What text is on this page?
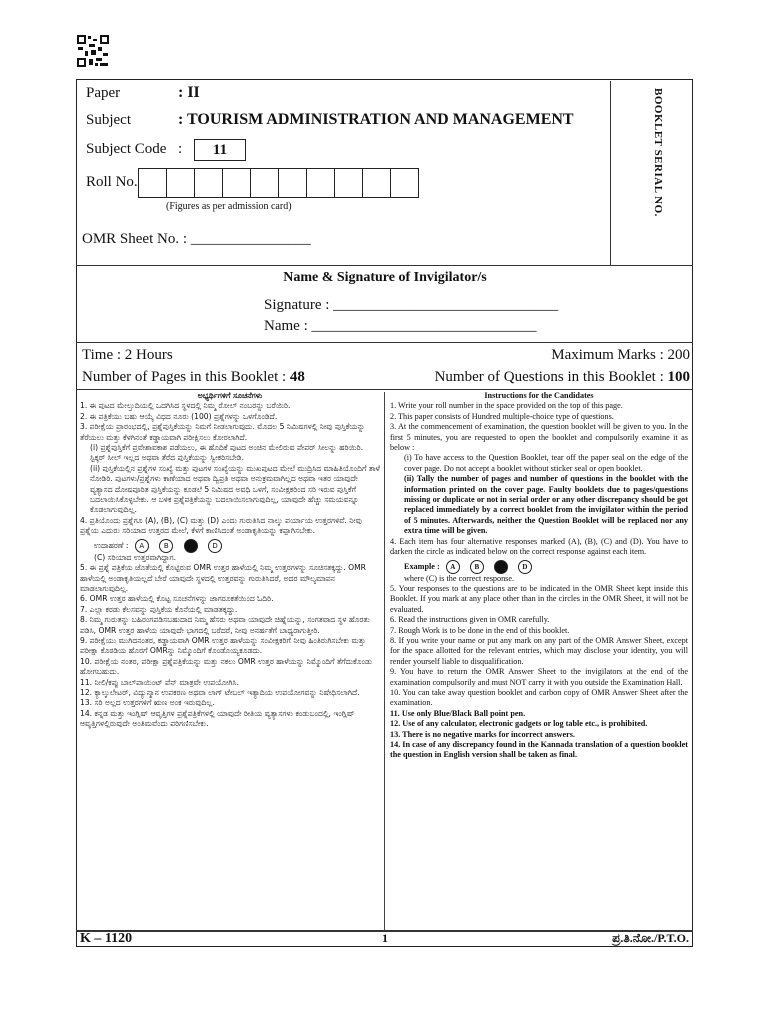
Paper	: II
Subject	: TOURISM ADMINISTRATION AND MANAGEMENT
Subject Code :	11
Roll No.
(Figures as per admission card)
OMR Sheet No. : ________________
BOOKLET SERIAL NO.
Name & Signature of Invigilator/s
Signature : ______________________________
Name : ______________________________
Time : 2 Hours	Maximum Marks : 200
Number of Pages in this Booklet : 48	Number of Questions in this Booklet : 100
ಅಭ್ಯರ್ಥಿಗಳಿಗೆ ಸೂಚನೆಗಳು
1. ಈ ಪುಟದ ಮೇಲ್ತುದಿಯಲ್ಲಿ ಒದಗಿಸಿದ ಸ್ಥಳದಲ್ಲಿ ನಿಮ್ಮ ರೋಲ್ ನಂಬರನ್ನು ಬರೆಯಿರಿ.
2. ಈ ಪತ್ರಿಕೆಯು ಬಹು ಆಯ್ಕೆ ವಿಧದ ನೂರು (100) ಪ್ರಶ್ನೆಗಳನ್ನು ಒಳಗೊಂಡಿದೆ.
3. ಪರೀಕ್ಷೆಯ ಪ್ರಾರಂಭದಲ್ಲಿ, ಪ್ರಶ್ನೆಪುಸ್ತಿಕೆಯನ್ನು ನಿಮಗೆ ನೀಡಲಾಗುವುದು. ಮೊದಲ 5 ನಿಮಿಷಗಳಲ್ಲಿ ನೀವು ಪುಸ್ತಿಕೆಯನ್ನು ತೆರೆಯಲು ಮತ್ತು ಕೆಳಗಿನಂತೆ ಕಡ್ಡಾಯವಾಗಿ ಪರೀಕ್ಷಿಸಲು ಕೋರಲಾಗಿದೆ.
(i) ಪ್ರಶ್ನೆಪುಸ್ತಿಕೆಗೆ ಪ್ರವೇಶಾವಕಾಶ ಪಡೆಯಲು, ಈ ಹೊದಿಕೆ ಪುಟದ ಅಂಚಿನ ಮೇಲಿರುವ ಪೇಪರ್ ಸೀಲನ್ನು ಹರಿಯಿರಿ. ಸ್ಟಿಕ್ಕರ್ ಸೀಲ್ ಇಲ್ಲದ ಅಥವಾ ತೆರೆದ ಪುಸ್ತಿಕೆಯನ್ನು ಸ್ವೀಕರಿಸಬೇಡಿ.
(ii) ಪುಸ್ತಿಕೆಯಲ್ಲಿನ ಪ್ರಶ್ನೆಗಳ ಸಂಖ್ಯೆ ಮತ್ತು ಪುಟಗಳ ಸಂಖ್ಯೆಯನ್ನು ಮುಖಪುಟದ ಮೇಲೆ ಮುದ್ರಿಸಿದ ಮಾಹಿತಿಯೊಂದಿಗೆ ತಾಳೆ ನೋಡಿರಿ. ಪುಟಗಳು/ಪ್ರಶ್ನೆಗಳು ಕಾಣೆಯಾದ ಅಥವಾ ದ್ವಿಪ್ರತಿ ಅಥವಾ ಅನುಕ್ರಮವಾಗಿಲ್ಲದ ಅಥವಾ ಇತರ ಯಾವುದೇ ವ್ಯತ್ಯಾಸದ ದೋಷಪೂರಿತ ಪುಸ್ತಿಕೆಯನ್ನು ಕೂಡಲೆ 5 ನಿಮಿಷದ ಅವಧಿ ಒಳಗೆ, ಸಂವೀಕ್ಷಕರಿಂದ ಸರಿ ಇರುವ ಪುಸ್ತಿಕೆಗೆ ಬದಲಾಯಿಸಿಕೊಳ್ಳಬೇಕು. ಆ ಬಳಿಕ ಪ್ರಶ್ನೆಪತ್ರಿಕೆಯನ್ನು ಬದಲಾಯಿಸಲಾಗುವುದಿಲ್ಲ, ಯಾವುದೇ ಹೆಚ್ಚು ಸಮಯವನ್ನೂ ಕೊಡಲಾಗುವುದಿಲ್ಲ.
4. ಪ್ರತಿಯೊಂದು ಪ್ರಶ್ನೆಗೂ (A), (B), (C) ಮತ್ತು (D) ಎಂದು ಗುರುತಿಸಿದ ನಾಲ್ಕು ಪರ್ಯಾಯ ಉತ್ತರಗಳಿವೆ. ನೀವು ಪ್ರಶ್ನೆಯ ಎದುರು ಸರಿಯಾದ ಉತ್ತರದ ಮೇಲೆ, ಕೆಳಗೆ ಕಾಣಿಸಿದಂತೆ ಅಂಡಾಕೃತಿಯನ್ನು ಕಪ್ಪಾಗಿಸಬೇಕು.
ಉದಾಹರಣೆ : A	B	D
(C) ಸರಿಯಾದ ಉತ್ತರವಾಗಿದ್ದಾಗ.
5. ಈ ಪ್ರಶ್ನೆ ಪತ್ರಿಕೆಯ ಜೊತೆಯಲ್ಲಿ ಕೊಟ್ಟಿರುವ OMR ಉತ್ತರ ಹಾಳೆಯಲ್ಲಿ ನಿಮ್ಮ ಉತ್ತರಗಳನ್ನು ಸೂಚಿಸತಕ್ಕದ್ದು. OMR ಹಾಳೆಯಲ್ಲಿ ಅಂಡಾಕೃತಿಯಲ್ಲದೆ ಬೇರೆ ಯಾವುದೇ ಸ್ಥಳದಲ್ಲಿ ಉತ್ತರವನ್ನು ಗುರುತಿಸಿದರೆ, ಅದರ ಮೌಲ್ಯಮಾಪನ ಮಾಡಲಾಗುವುದಿಲ್ಲ.
6. OMR ಉತ್ತರ ಹಾಳೆಯಲ್ಲಿ ಕೊಟ್ಟ ಸೂಚನೆಗಳನ್ನು ಜಾಗರೂಕತೆಯಿಂದ ಓದಿರಿ.
7. ಎಲ್ಲಾ ಕರಡು ಕೆಲಸವನ್ನು ಪುಸ್ತಿಕೆಯ ಕೊನೆಯಲ್ಲಿ ಮಾಡತಕ್ಕದ್ದು.
8. ನಿಮ್ಮ ಗುರುತನ್ನು ಬಹಿರಂಗಪಡಿಸಬಹುದಾದ ನಿಮ್ಮ ಹೆಸರು ಅಥವಾ ಯಾವುದೇ ಚಿಹ್ನೆಯನ್ನು, ಸಂಗತವಾದ ಸ್ಥಳ ಹೊರತು ಪಡಿಸಿ, OMR ಉತ್ತರ ಹಾಳೆಯ ಯಾವುದೇ ಭಾಗದಲ್ಲಿ ಬರೆದರೆ, ನೀವು ಅನರ್ಹತೆಗೆ ಬಾಧ್ಯರಾಗುತ್ತೀರಿ.
9. ಪರೀಕ್ಷೆಯು ಮುಗಿದನಂತರ, ಕಡ್ಡಾಯವಾಗಿ OMR ಉತ್ತರ ಹಾಳೆಯನ್ನು ಸಂವೀಕ್ಷಕರಿಗೆ ನೀವು ಹಿಂತಿರುಗಿಸಬೇಕು ಮತ್ತು ಪರೀಕ್ಷಾ ಕೊಠಡಿಯ ಹೊರಗೆ OMRನ್ನು ನಿಮ್ಮೊಂದಿಗೆ ಕೊಂಡೊಯ್ಯಕೂಡದು.
10. ಪರೀಕ್ಷೆಯ ನಂತರ, ಪರೀಕ್ಷಾ ಪ್ರಶ್ನೆಪತ್ರಿಕೆಯನ್ನು ಮತ್ತು ನಕಲು OMR ಉತ್ತರ ಹಾಳೆಯನ್ನು ನಿಮ್ಮೊಂದಿಗೆ ತೆಗೆದುಕೊಂಡು ಹೋಗಬಹುದು.
11. ನೀಲಿ/ಕಪ್ಪು ಬಾಲ್‌ಪಾಯಿಂಟ್ ಪೆನ್ ಮಾತ್ರವೇ ಉಪಯೋಗಿಸಿ.
12. ಕ್ಯಾಲ್ಕುಲೇಟರ್, ವಿದ್ಯುನ್ಮಾನ ಉಪಕರಣ ಅಥವಾ ಲಾಗ್ ಟೇಬಲ್ ಇತ್ಯಾದಿಯ ಉಪಯೋಗವನ್ನು ನಿಷೇಧಿಸಲಾಗಿದೆ.
13. ಸರಿ ಅಲ್ಲದ ಉತ್ತರಗಳಿಗೆ ಋಣ ಅಂಕ ಇರುವುದಿಲ್ಲ.
14. ಕನ್ನಡ ಮತ್ತು ಇಂಗ್ಲಿಷ್ ಆವೃತ್ತಿಗಳ ಪ್ರಶ್ನೆಪತ್ರಿಕೆಗಳಲ್ಲಿ ಯಾವುದೇ ರೀತಿಯ ವ್ಯತ್ಯಾಸಗಳು ಕಂಡುಬಂದಲ್ಲಿ, ಇಂಗ್ಲಿಷ್ ಆವೃತ್ತಿಗಳಲ್ಲಿರುವುದೇ ಅಂತಿಮವೆಂದು ಪರಿಗಣಿಸಬೇಕು.
Instructions for the Candidates
1. Write your roll number in the space provided on the top of this page.
2. This paper consists of Hundred multiple-choice type of questions.
3. At the commencement of examination, the question booklet will be given to you. In the first 5 minutes, you are requested to open the booklet and compulsorily examine it as below :
(i) To have access to the Question Booklet, tear off the paper seal on the edge of the cover page. Do not accept a booklet without sticker seal or open booklet.
(ii) Tally the number of pages and number of questions in the booklet with the information printed on the cover page. Faulty booklets due to pages/questions missing or duplicate or not in serial order or any other discrepancy should be got replaced immediately by a correct booklet from the invigilator within the period of 5 minutes. Afterwards, neither the Question Booklet will be replaced nor any extra time will be given.
4. Each item has four alternative responses marked (A), (B), (C) and (D). You have to darken the circle as indicated below on the correct response against each item.
Example : A	B	D
where (C) is the correct response.
5. Your responses to the questions are to be indicated in the OMR Sheet kept inside this Booklet. If you mark at any place other than in the circles in the OMR Sheet, it will not be evaluated.
6. Read the instructions given in OMR carefully.
7. Rough Work is to be done in the end of this booklet.
8. If you write your name or put any mark on any part of the OMR Answer Sheet, except for the space allotted for the relevant entries, which may disclose your identity, you will render yourself liable to disqualification.
9. You have to return the OMR Answer Sheet to the invigilators at the end of the examination compulsorily and must NOT carry it with you outside the Examination Hall.
10. You can take away question booklet and carbon copy of OMR Answer Sheet after the examination.
11. Use only Blue/Black Ball point pen.
12. Use of any calculator, electronic gadgets or log table etc., is prohibited.
13. There is no negative marks for incorrect answers.
14. In case of any discrepancy found in the Kannada translation of a question booklet the question in English version shall be taken as final.
K – 1120	1	ಪ್ರ.ತಿ.ನೋ./P.T.O.
